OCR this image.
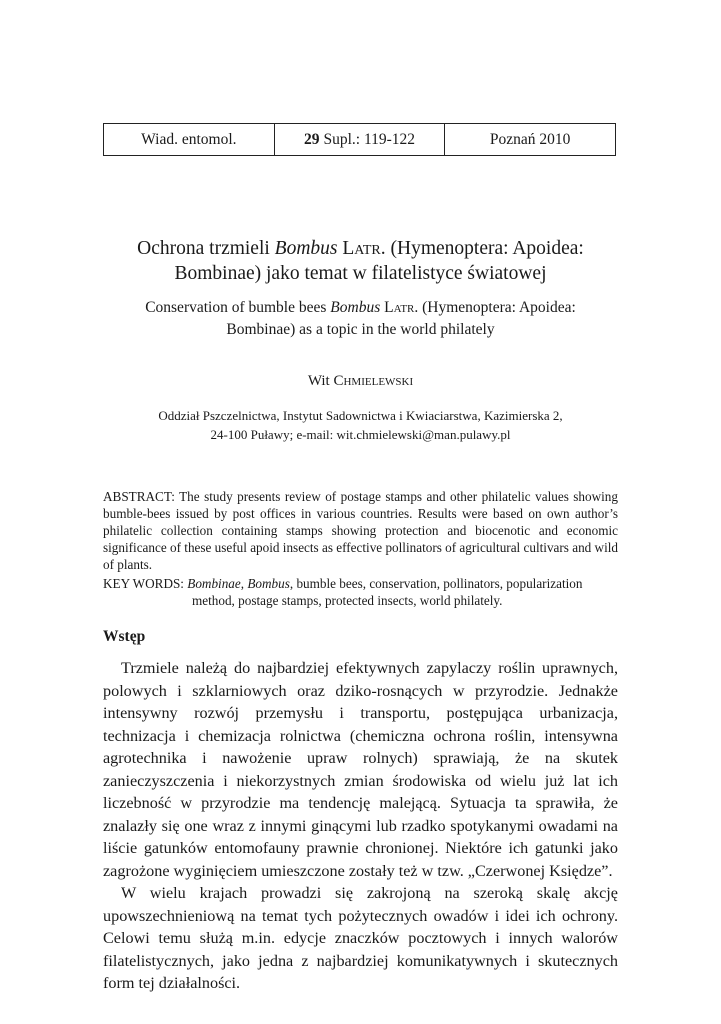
Wiad. entomol.	29 Supl.: 119-122	Poznań 2010
Ochrona trzmieli Bombus Latr. (Hymenoptera: Apoidea:
Bombinae) jako temat w filatelistyce światowej
Conservation of bumble bees Bombus Latr. (Hymenoptera: Apoidea:
Bombinae) as a topic in the world philately
Wit Chmielewski
Oddział Pszczelnictwa, Instytut Sadownictwa i Kwiaciarstwa, Kazimierska 2,
24-100 Puławy; e-mail: wit.chmielewski@man.pulawy.pl
ABSTRACT: The study presents review of postage stamps and other philatelic values showing bumble-bees issued by post offices in various countries. Results were based on own author’s philatelic collection containing stamps showing protection and biocenotic and economic significance of these useful apoid insects as effective pollinators of agricultural cultivars and wild of plants.
KEY WORDS: Bombinae, Bombus, bumble bees, conservation, pollinators, popularization
method, postage stamps, protected insects, world philately.
Wstęp

Trzmiele należą do najbardziej efektywnych zapylaczy roślin uprawnych, polowych i szklarniowych oraz dziko-rosnących w przyrodzie. Jednakże intensywny rozwój przemysłu i transportu, postępująca urbanizacja, technizacja i chemizacja rolnictwa (chemiczna ochrona roślin, intensywna agrotechnika i nawożenie upraw rolnych) sprawiają, że na skutek zanieczyszczenia i niekorzystnych zmian środowiska od wielu już lat ich liczebność w przyrodzie ma tendencję malejącą. Sytuacja ta sprawiła, że znalazły się one wraz z innymi ginącymi lub rzadko spotykanymi owadami na liście gatunków entomofauny prawnie chronionej. Niektóre ich gatunki jako zagrożone wyginięciem umieszczone zostały też w tzw. „Czerwonej Księdze”.

W wielu krajach prowadzi się zakrojoną na szeroką skalę akcję upowszechnieniową na temat tych pożytecznych owadów i idei ich ochrony. Celowi temu służą m.in. edycje znaczków pocztowych i innych walorów filatelistycznych, jako jedna z najbardziej komunikatywnych i skutecznych form tej działalności.
